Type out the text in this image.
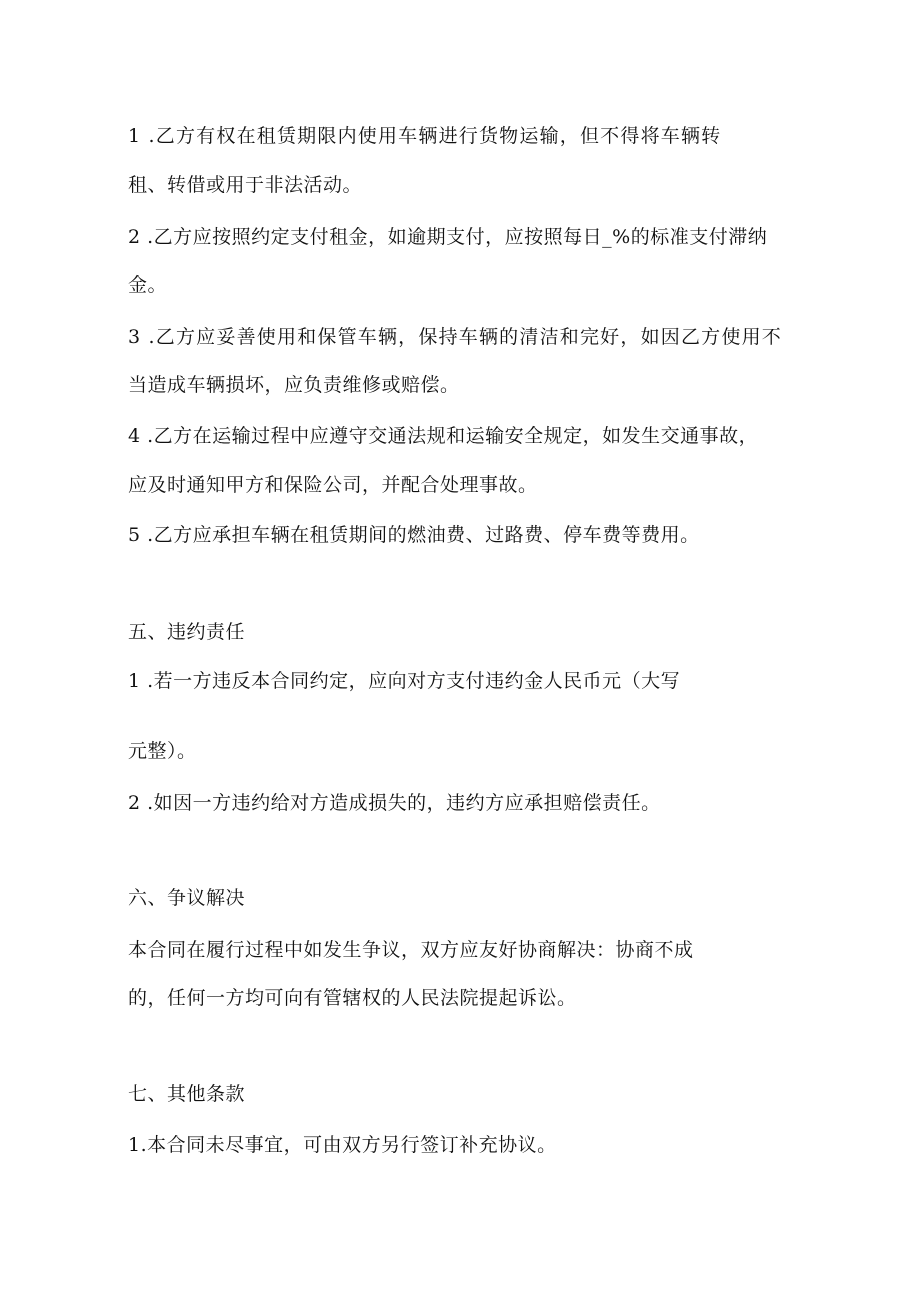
1 .乙方有权在租赁期限内使用车辆进行货物运输，但不得将车辆转
租、转借或用于非法活动。
2 .乙方应按照约定支付租金，如逾期支付，应按照每日_%的标准支付滞纳
金。
3 .乙方应妥善使用和保管车辆，保持车辆的清洁和完好，如因乙方使用不
当造成车辆损坏，应负责维修或赔偿。
4 .乙方在运输过程中应遵守交通法规和运输安全规定，如发生交通事故，
应及时通知甲方和保险公司，并配合处理事故。
5 .乙方应承担车辆在租赁期间的燃油费、过路费、停车费等费用。
五、违约责任
1 .若一方违反本合同约定，应向对方支付违约金人民币元（大写
元整）。
2 .如因一方违约给对方造成损失的，违约方应承担赔偿责任。
六、争议解决
本合同在履行过程中如发生争议，双方应友好协商解决：协商不成
的，任何一方均可向有管辖权的人民法院提起诉讼。
七、其他条款
1.本合同未尽事宜，可由双方另行签订补充协议。
